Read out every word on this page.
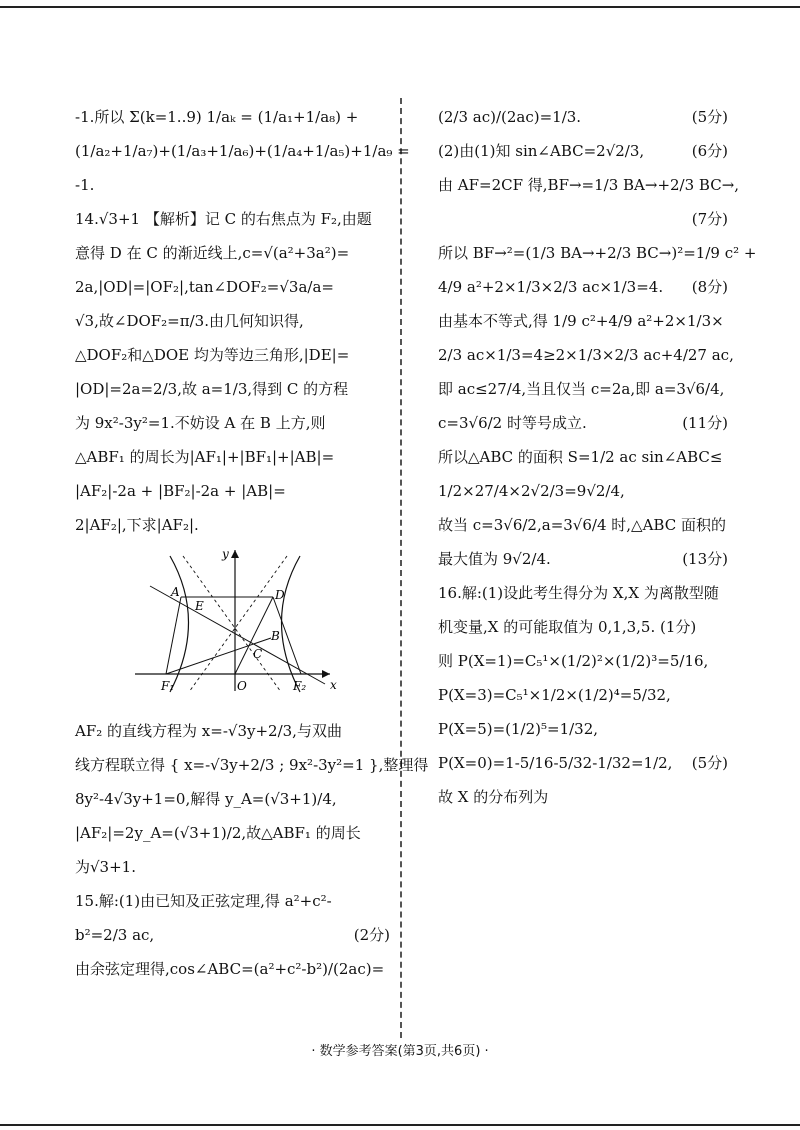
-1.所以 Σ(k=1..9) 1/aₖ = (1/a₁+1/a₈) +
(1/a₂+1/a₇)+(1/a₃+1/a₆)+(1/a₄+1/a₅)+1/a₉ =
-1.
14.√3+1 【解析】记 C 的右焦点为 F₂,由题
意得 D 在 C 的渐近线上,c=√(a²+3a²)=
2a,|OD|=|OF₂|,tan∠DOF₂=√3a/a=
√3,故∠DOF₂=π/3.由几何知识得,
△DOF₂和△DOE 均为等边三角形,|DE|=
|OD|=2a=2/3,故 a=1/3,得到 C 的方程
为 9x²-3y²=1.不妨设 A 在 B 上方,则
△ABF₁ 的周长为|AF₁|+|BF₁|+|AB|=
|AF₂|-2a + |BF₂|-2a + |AB|=
2|AF₂|,下求|AF₂|.
y
A
E
D
B
F₁	O
C
F₂ x
AF₂ 的直线方程为 x=-√3y+2/3,与双曲
线方程联立得 { x=-√3y+2/3 ; 9x²-3y²=1 },整理得
8y²-4√3y+1=0,解得 y_A=(√3+1)/4,
|AF₂|=2y_A=(√3+1)/2,故△ABF₁ 的周长
为√3+1.
15.解:(1)由已知及正弦定理,得 a²+c²-
b²=2/3 ac,	(2分)
由余弦定理得,cos∠ABC=(a²+c²-b²)/(2ac)=
(2/3 ac)/(2ac)=1/3.	(5分)
(2)由(1)知 sin∠ABC=2√2/3,	(6分)
由 AF=2CF 得,BF→=1/3 BA→+2/3 BC→,
(7分)
所以 BF→²=(1/3 BA→+2/3 BC→)²=1/9 c² +
4/9 a²+2×1/3×2/3 ac×1/3=4. (8分)
由基本不等式,得 1/9 c²+4/9 a²+2×1/3×
2/3 ac×1/3=4≥2×1/3×2/3 ac+4/27 ac,
即 ac≤27/4,当且仅当 c=2a,即 a=3√6/4,
c=3√6/2 时等号成立.	(11分)
所以△ABC 的面积 S=1/2 ac sin∠ABC≤
1/2×27/4×2√2/3=9√2/4,
故当 c=3√6/2,a=3√6/4 时,△ABC 面积的
最大值为 9√2/4.	(13分)
16.解:(1)设此考生得分为 X,X 为离散型随
机变量,X 的可能取值为 0,1,3,5. (1分)
则 P(X=1)=C₅¹×(1/2)²×(1/2)³=5/16,
P(X=3)=C₅¹×1/2×(1/2)⁴=5/32,
P(X=5)=(1/2)⁵=1/32,
P(X=0)=1-5/16-5/32-1/32=1/2, (5分)
故 X 的分布列为
· 数学参考答案(第3页,共6页) ·
